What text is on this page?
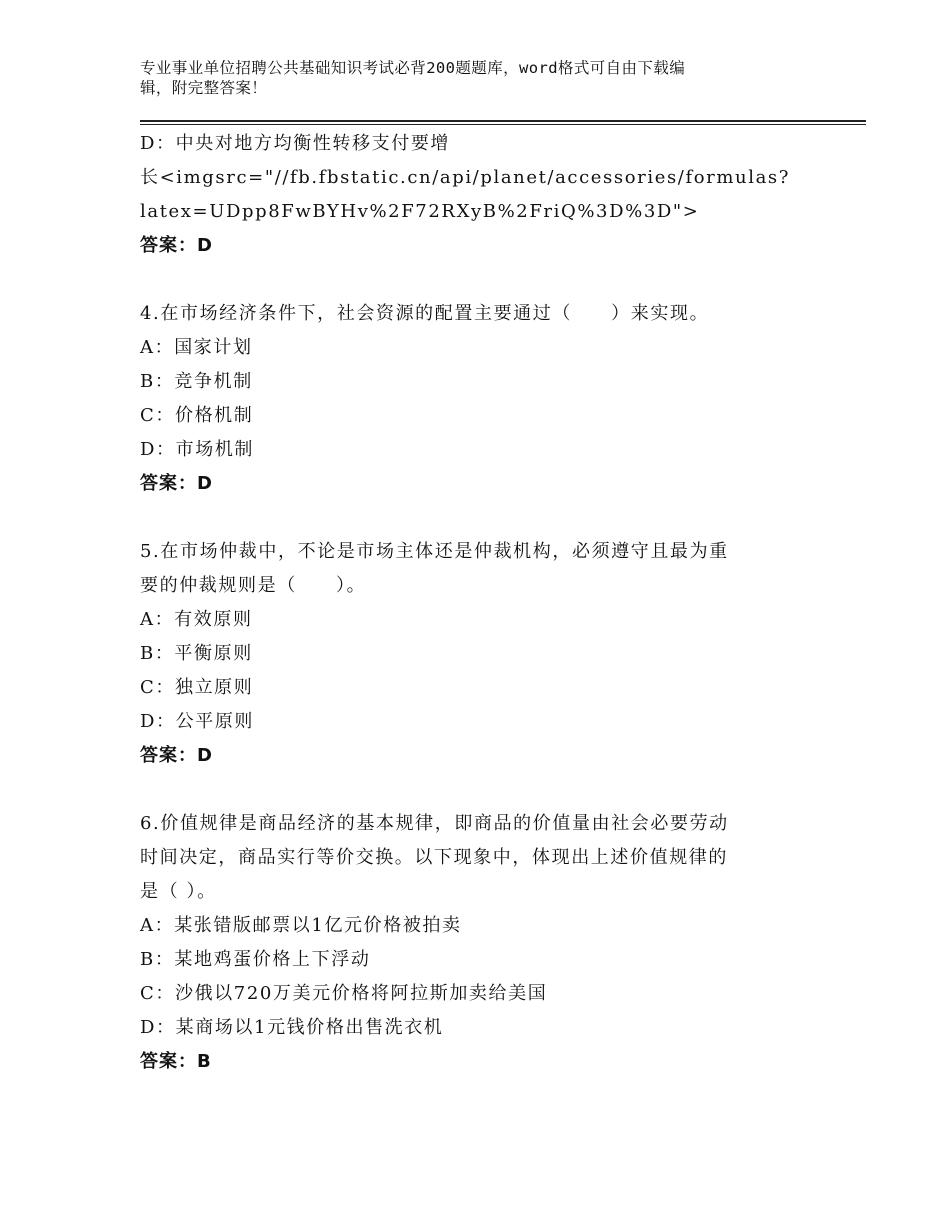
专业事业单位招聘公共基础知识考试必背200题题库，word格式可自由下载编
辑，附完整答案！
D：中央对地方均衡性转移支付要增
长<imgsrc="//fb.fbstatic.cn/api/planet/accessories/formulas?
latex=UDpp8FwBYHv%2F72RXyB%2FriQ%3D%3D">
答案：D
4.在市场经济条件下，社会资源的配置主要通过（　　）来实现。
A：国家计划
B：竞争机制
C：价格机制
D：市场机制
答案：D
5.在市场仲裁中，不论是市场主体还是仲裁机构，必须遵守且最为重
要的仲裁规则是（　　）。
A：有效原则
B：平衡原则
C：独立原则
D：公平原则
答案：D
6.价值规律是商品经济的基本规律，即商品的价值量由社会必要劳动
时间决定，商品实行等价交换。以下现象中，体现出上述价值规律的
是（ ）。
A：某张错版邮票以1亿元价格被拍卖
B：某地鸡蛋价格上下浮动
C：沙俄以720万美元价格将阿拉斯加卖给美国
D：某商场以1元钱价格出售洗衣机
答案：B
